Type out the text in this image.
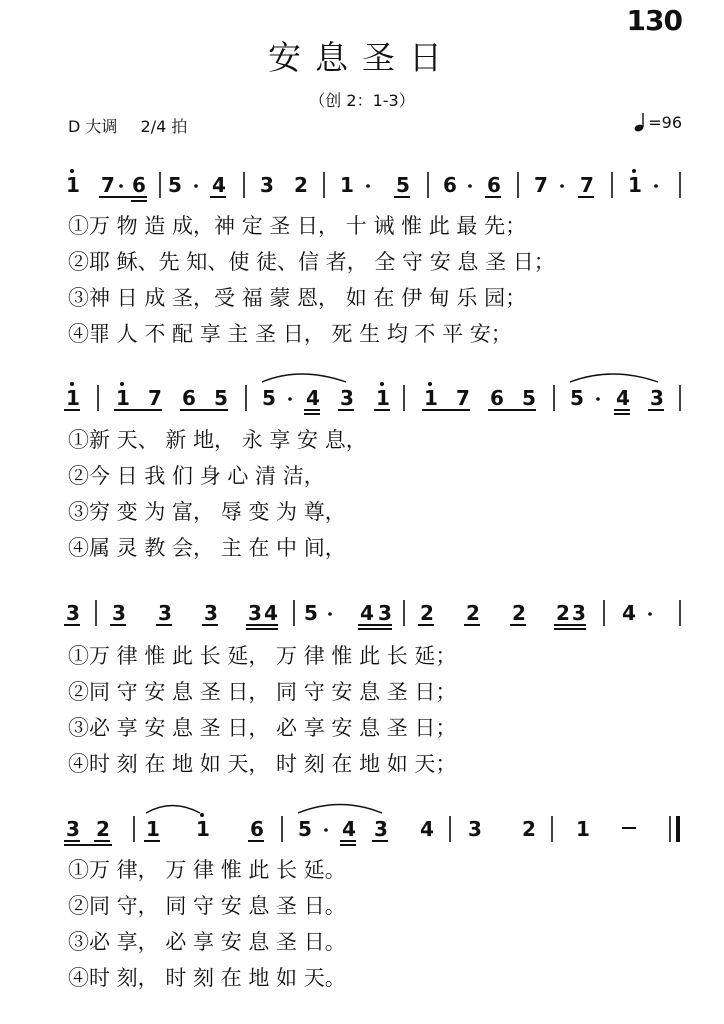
130
安息圣日
（创 2：1-3）
D 大调 2/4 拍	=96
1 7 6 5 4 3 2 1 5 6 6 7 7 1
1 1 7 6 5 5 4 3 1 1 7 6 5 5 4 3
3 3 3 3 3 4 5 4 3 2 2 2 2 3 4
3 2 1 1 6 5 4 3 4 3 2 1
①万 物 造 成，神 定 圣 日， 十 诫 惟 此 最 先；
②耶 稣、先 知、使 徒、信 者， 全 守 安 息 圣 日；
③神 日 成 圣，受 福 蒙 恩， 如 在 伊 甸 乐 园；
④罪 人 不 配 享 主 圣 日， 死 生 均 不 平 安；
①新 天、 新 地， 永 享 安 息，
②今 日 我 们 身 心 清 洁，
③穷 变 为 富， 辱 变 为 尊，
④属 灵 教 会， 主 在 中 间，
①万 律 惟 此 长 延， 万 律 惟 此 长 延；
②同 守 安 息 圣 日， 同 守 安 息 圣 日；
③必 享 安 息 圣 日， 必 享 安 息 圣 日；
④时 刻 在 地 如 天， 时 刻 在 地 如 天；
①万 律， 万 律 惟 此 长 延。
②同 守， 同 守 安 息 圣 日。
③必 享， 必 享 安 息 圣 日。
④时 刻， 时 刻 在 地 如 天。
